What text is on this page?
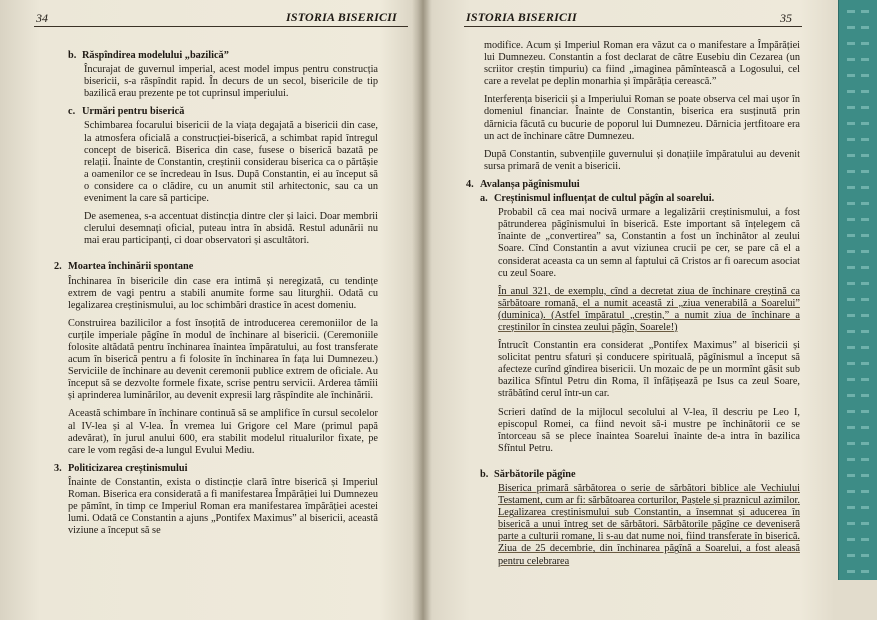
34	ISTORIA BISERICII
b. Răspîndirea modelului „bazilică”
Încurajat de guvernul imperial, acest model impus pentru construcția bisericii, s-a răspîndit rapid. În decurs de un secol, bisericile de tip bazilică erau prezente pe tot cuprinsul imperiului.
c. Urmări pentru biserică
Schimbarea focarului bisericii de la viața degajată a bisericii din case, la atmosfera oficială a construcției-biserică, a schimbat rapid întregul concept de biserică. Biserica din case, fusese o biserică bazată pe relații. Înainte de Constantin, creștinii considerau biserica ca o părtășie a oamenilor ce se încredeau în Isus. După Constantin, ei au început să o considere ca o clădire, cu un anumit stil arhitectonic, sau ca un eveniment la care să participe.
De asemenea, s-a accentuat distincția dintre cler și laici. Doar membrii clerului desemnați oficial, puteau intra în absidă. Restul adunării nu mai erau participanți, ci doar observatori și ascultători.
2. Moartea închinării spontane
Închinarea în bisericile din case era intimă și neregizată, cu tendințe extrem de vagi pentru a stabili anumite forme sau liturghii. Odată cu legalizarea creștinismului, au loc schimbări drastice în acest domeniu.
Construirea bazilicilor a fost însoțită de introducerea ceremoniilor de la curțile imperiale păgîne în modul de închinare al bisericii. (Ceremoniile folosite altădată pentru închinarea înaintea împăratului, au fost transferate acum în biserică pentru a fi folosite în închinarea în fața lui Dumnezeu.) Serviciile de închinare au devenit ceremonii publice extrem de oficiale. Au început să se dezvolte formele fixate, scrise pentru servicii. Arderea tămîii și aprinderea luminărilor, au devenit expresii larg răspîndite ale închinării.
Această schimbare în închinare continuă să se amplifice în cursul secolelor al IV-lea și al V-lea. În vremea lui Grigore cel Mare (primul papă adevărat), în jurul anului 600, era stabilit modelul ritualurilor fixate, pe care le vom regăsi de-a lungul Evului Mediu.
3. Politicizarea creștinismului
Înainte de Constantin, exista o distincție clară între biserică și Imperiul Roman. Biserica era considerată a fi manifestarea Împărăției lui Dumnezeu pe pămînt, în timp ce Imperiul Roman era manifestarea împărăției acestei lumi. Odată ce Constantin a ajuns „Pontifex Maximus” al bisericii, această viziune a început să se
ISTORIA BISERICII	35
modifice. Acum și Imperiul Roman era văzut ca o manifestare a Împărăției lui Dumnezeu. Constantin a fost declarat de către Eusebiu din Cezarea (un scriitor creștin timpuriu) ca fiind „imaginea pămîntească a Logosului, cel care a revelat pe deplin monarhia și împărăția cerească.”
Interferența bisericii și a Imperiului Roman se poate observa cel mai ușor în domeniul financiar. Înainte de Constantin, biserica era susținută prin dărnicia făcută cu bucurie de poporul lui Dumnezeu. Dărnicia jertfitoare era un act de închinare către Dumnezeu.
După Constantin, subvențiile guvernului și donațiile împăratului au devenit sursa primară de venit a bisericii.
4. Avalanșa păgînismului
a. Creștinismul influențat de cultul păgîn al soarelui.
Probabil că cea mai nocivă urmare a legalizării creștinismului, a fost pătrunderea păgînismului în biserică. Este important să înțelegem că înainte de „convertirea” sa, Constantin a fost un închinător al zeului Soare. Cînd Constantin a avut viziunea crucii pe cer, se pare că el a considerat aceasta ca un semn al faptului că Cristos ar fi oarecum asociat cu zeul Soare.
În anul 321, de exemplu, cînd a decretat ziua de închinare creștină ca sărbătoare romană, el a numit această zi „ziua venerabilă a Soarelui” (duminica). (Astfel împăratul „creștin,” a numit ziua de închinare a creștinilor în cinstea zeului păgîn, Soarele!)
Întrucît Constantin era considerat „Pontifex Maximus” al bisericii și solicitat pentru sfaturi și conducere spirituală, păgînismul a început să afecteze curînd gîndirea bisericii. Un mozaic de pe un mormînt găsit sub bazilica Sfîntul Petru din Roma, îl înfățișează pe Isus ca zeul Soare, străbătînd cerul într-un car.
Scrieri datînd de la mijlocul secolului al V-lea, îl descriu pe Leo I, episcopul Romei, ca fiind nevoit să-i mustre pe închinătorii ce se întorceau să se plece înaintea Soarelui înainte de-a intra în bazilica Sfîntul Petru.
b. Sărbătorile păgîne
Biserica primară sărbătorea o serie de sărbători biblice ale Vechiului Testament, cum ar fi: sărbătoarea corturilor, Paștele și praznicul azimilor. Legalizarea creștinismului sub Constantin, a însemnat și aducerea în biserică a unui întreg set de sărbători. Sărbătorile păgîne ce deveniseră parte a culturii romane, li s-au dat nume noi, fiind transferate în biserică. Ziua de 25 decembrie, din închinarea păgînă a Soarelui, a fost aleasă pentru celebrarea
